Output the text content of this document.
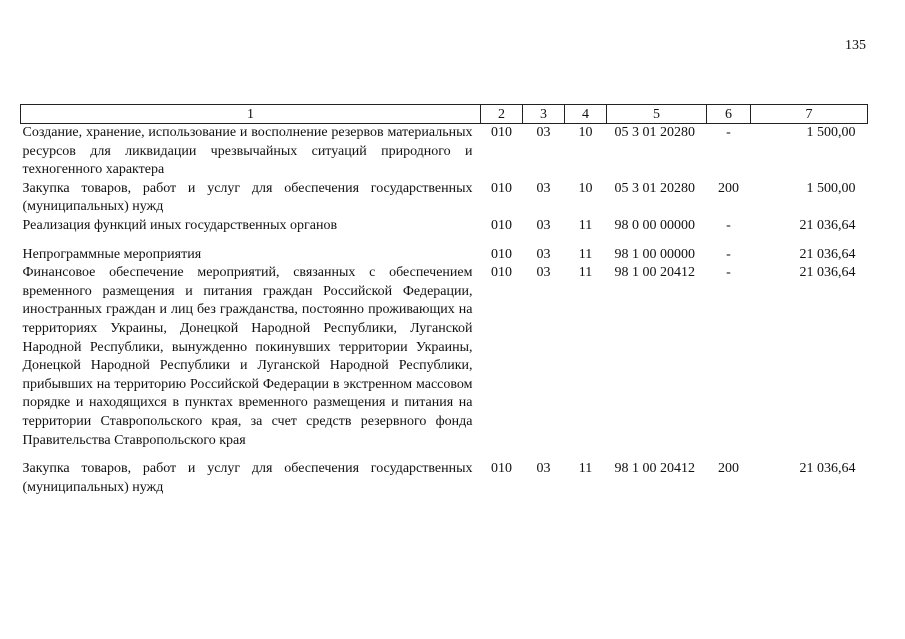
135
1	2	3	4	5	6	7
Создание, хранение, использование и восполнение резервов материальных ресурсов для ликвидации чрезвычайных ситуаций природного и техногенного характера	010	03	10	05 3 01 20280	-	1 500,00
Закупка товаров, работ и услуг для обеспечения государственных (муниципальных) нужд	010	03	10	05 3 01 20280	200	1 500,00
Реализация функций иных государственных органов	010	03	11	98 0 00 00000	-	21 036,64
Непрограммные мероприятия	010	03	11	98 1 00 00000	-	21 036,64
Финансовое обеспечение мероприятий, связанных с обеспечением временного размещения и питания граждан Российской Федерации, иностранных граждан и лиц без гражданства, постоянно проживающих на территориях Украины, Донецкой Народной Республики, Луганской Народной Республики, вынужденно покинувших территории Украины, Донецкой Народной Республики и Луганской Народной Республики, прибывших на территорию Российской Федерации в экстренном массовом порядке и находящихся в пунктах временного размещения и питания на территории Ставропольского края, за счет средств резервного фонда Правительства Ставропольского края	010	03	11	98 1 00 20412	-	21 036,64
Закупка товаров, работ и услуг для обеспечения государственных (муниципальных) нужд	010	03	11	98 1 00 20412	200	21 036,64
